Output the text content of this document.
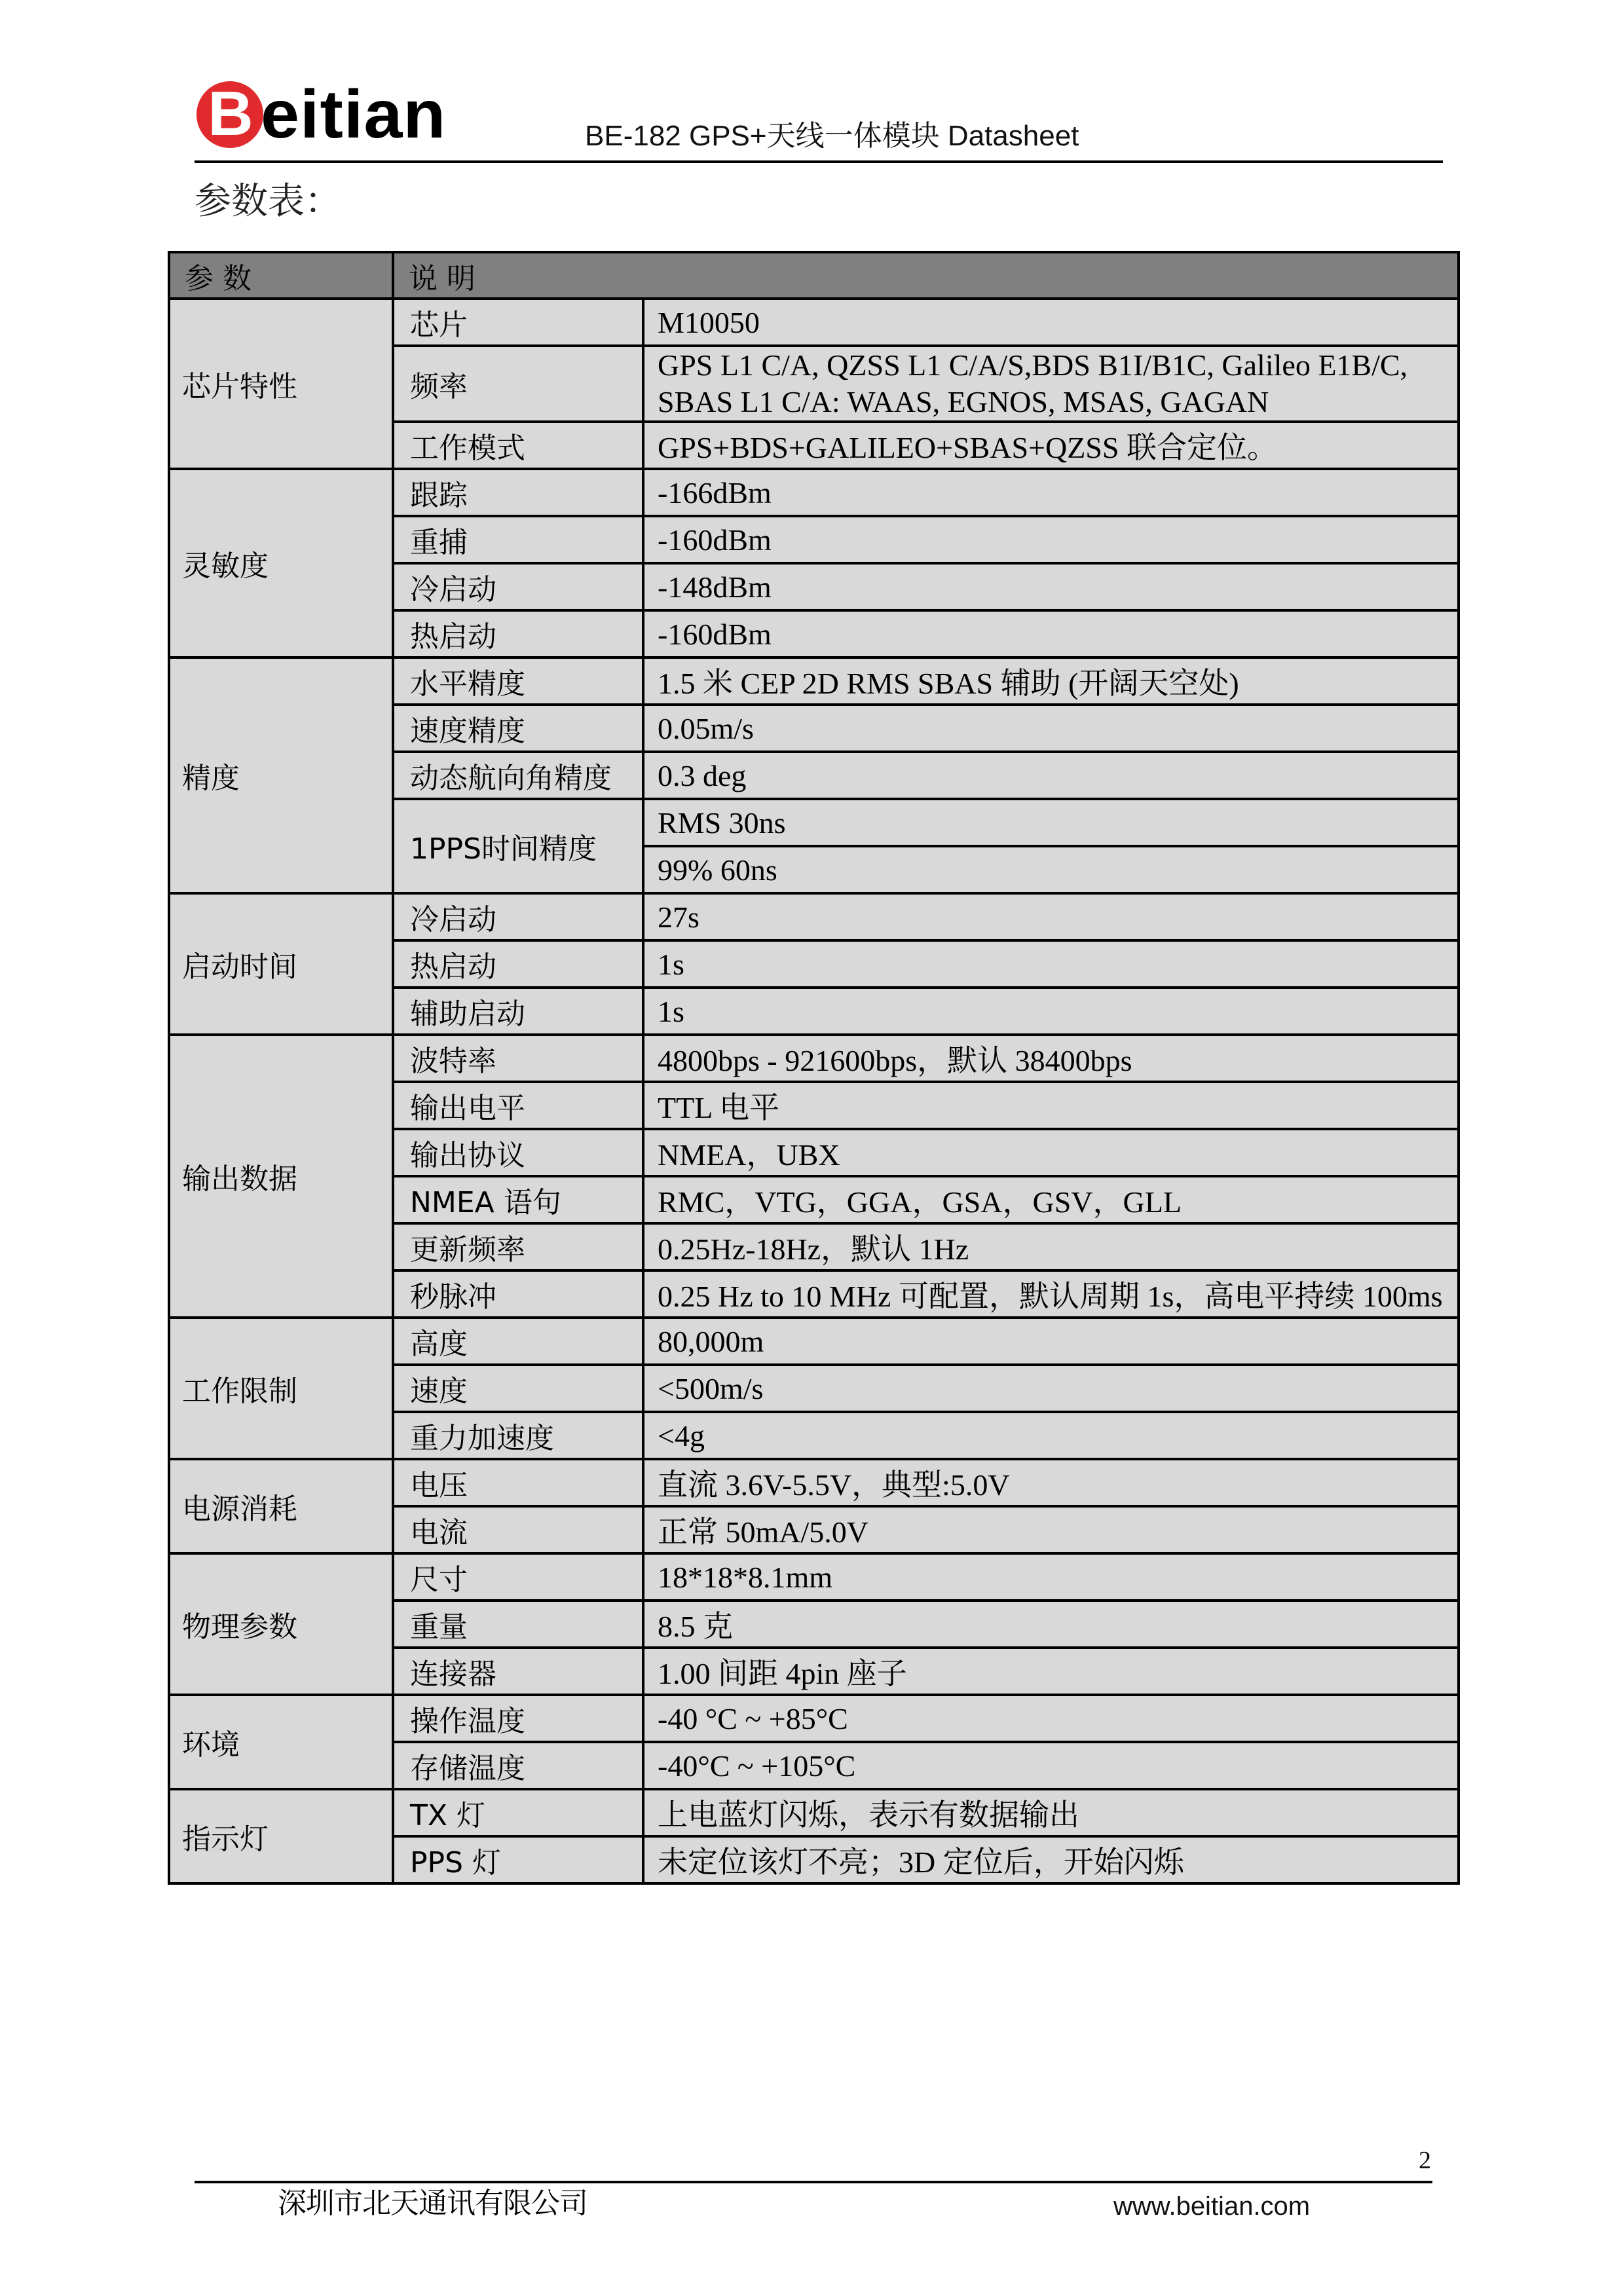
B eitian	BE-182 GPS+天线一体模块 Datasheet
参数表：
参 数	说 明	
芯片特性	芯片	M10050
	频率	GPS L1 C/A, QZSS L1 C/A/S,BDS B1I/B1C, Galileo E1B/C,
SBAS L1 C/A: WAAS, EGNOS, MSAS, GAGAN

	工作模式	GPS+BDS+GALILEO+SBAS+QZSS 联合定位。
灵敏度	跟踪	-166dBm
	重捕	-160dBm
	冷启动	-148dBm
	热启动	-160dBm
精度	水平精度	1.5 米 CEP 2D RMS SBAS 辅助 (开阔天空处)
	速度精度	0.05m/s
	动态航向角精度	0.3 deg
	1PPS时间精度	RMS 30ns
		99% 60ns
启动时间	冷启动	27s
	热启动	1s
	辅助启动	1s
输出数据	波特率	4800bps - 921600bps，默认 38400bps
	输出电平	TTL 电平
	输出协议	NMEA，UBX
	NMEA 语句	RMC，VTG，GGA，GSA，GSV，GLL
	更新频率	0.25Hz-18Hz，默认 1Hz
	秒脉冲	0.25 Hz to 10 MHz 可配置，默认周期 1s，高电平持续 100ms
工作限制	高度	80,000m
	速度	<500m/s
	重力加速度	<4g
电源消耗	电压	直流 3.6V-5.5V，典型:5.0V
	电流	正常 50mA/5.0V
物理参数	尺寸	18*18*8.1mm
	重量	8.5 克
	连接器	1.00 间距 4pin 座子
环境	操作温度	-40 °C ~ +85°C
	存储温度	-40°C ~ +105°C
指示灯	TX 灯	上电蓝灯闪烁，表示有数据输出
	PPS 灯	未定位该灯不亮；3D 定位后，开始闪烁
2
深圳市北天通讯有限公司	www.beitian.com
